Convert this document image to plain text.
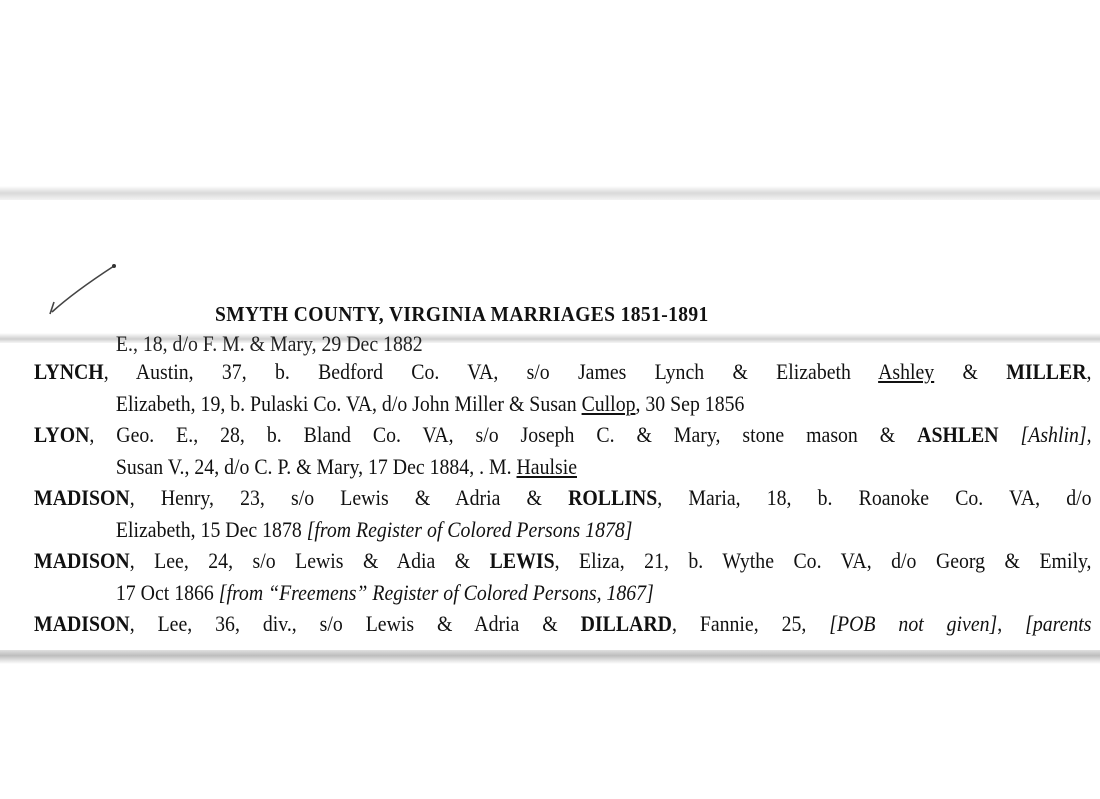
SMYTH COUNTY, VIRGINIA MARRIAGES 1851-1891
E., 18, d/o F. M. & Mary, 29 Dec 1882
LYNCH, Austin, 37, b. Bedford Co. VA, s/o James Lynch & Elizabeth Ashley & MILLER,
Elizabeth, 19, b. Pulaski Co. VA, d/o John Miller & Susan Cullop, 30 Sep 1856
LYON, Geo. E., 28, b. Bland Co. VA, s/o Joseph C. & Mary, stone mason & ASHLEN [Ashlin],
Susan V., 24, d/o C. P. & Mary, 17 Dec 1884, . M. Haulsie
MADISON, Henry, 23, s/o Lewis & Adria & ROLLINS, Maria, 18, b. Roanoke Co. VA, d/o
Elizabeth, 15 Dec 1878 [from Register of Colored Persons 1878]
MADISON, Lee, 24, s/o Lewis & Adia & LEWIS, Eliza, 21, b. Wythe Co. VA, d/o Georg & Emily,
17 Oct 1866 [from “Freemens” Register of Colored Persons, 1867]
MADISON, Lee, 36, div., s/o Lewis & Adria & DILLARD, Fannie, 25, [POB not given], [parents
